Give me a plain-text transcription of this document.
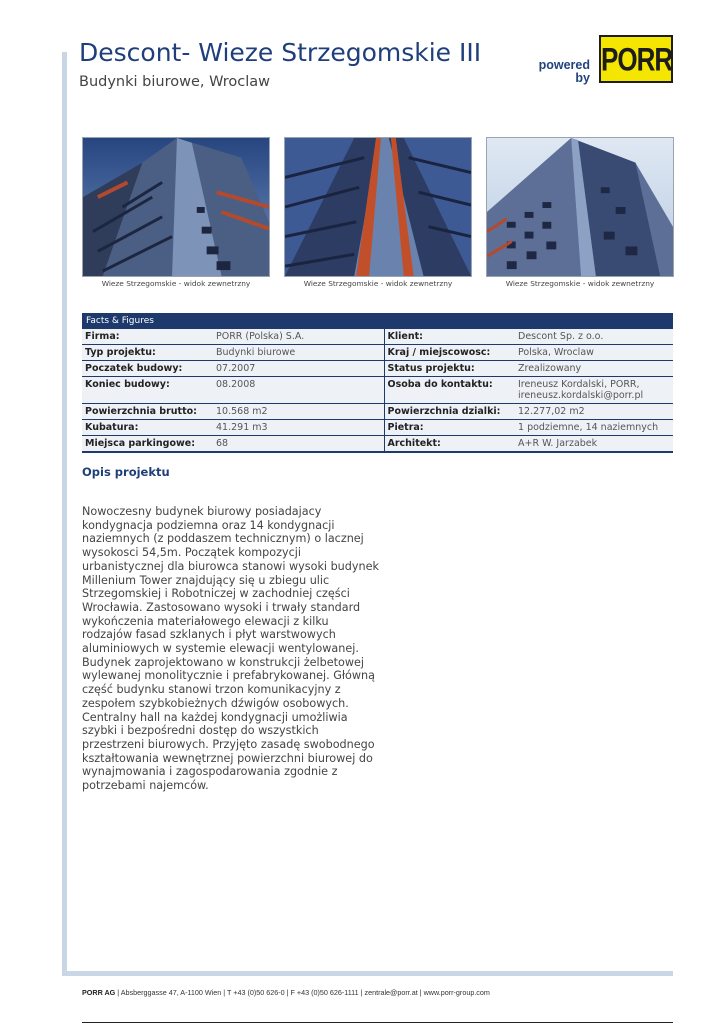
Descont- Wieze Strzegomskie III
Budynki biurowe, Wroclaw
powered
by
PORR
Wieze Strzegomskie - widok zewnetrzny	Wieze Strzegomskie - widok zewnetrzny	Wieze Strzegomskie - widok zewnetrzny
Facts & Figures
Firma:	PORR (Polska) S.A.	Klient:	Descont Sp. z o.o.
Typ projektu:	Budynki biurowe	Kraj / miejscowosc:	Polska, Wroclaw
Poczatek budowy:	07.2007	Status projektu:	Zrealizowany
Koniec budowy:	08.2008	Osoba do kontaktu:	Ireneusz Kordalski, PORR,
ireneusz.kordalski@porr.pl
Powierzchnia brutto:	10.568 m2	Powierzchnia dzialki:	12.277,02 m2
Kubatura:	41.291 m3	Pietra:	1 podziemne, 14 naziemnych
Miejsca parkingowe:	68	Architekt:	A+R W. Jarzabek
Opis projektu

Nowoczesny budynek biurowy posiadajacy
kondygnacja podziemna oraz 14 kondygnacji
naziemnych (z poddaszem technicznym) o lacznej
wysokosci 54,5m. Początek kompozycji
urbanistycznej dla biurowca stanowi wysoki budynek
Millenium Tower znajdujący się u zbiegu ulic
Strzegomskiej i Robotniczej w zachodniej części
Wrocławia. Zastosowano wysoki i trwały standard
wykończenia materiałowego elewacji z kilku
rodzajów fasad szklanych i płyt warstwowych
aluminiowych w systemie elewacji wentylowanej.
Budynek zaprojektowano w konstrukcji żelbetowej
wylewanej monolitycznie i prefabrykowanej. Główną
część budynku stanowi trzon komunikacyjny z
zespołem szybkobieżnych dźwigów osobowych.
Centralny hall na każdej kondygnacji umożliwia
szybki i bezpośredni dostęp do wszystkich
przestrzeni biurowych. Przyjęto zasadę swobodnego
kształtowania wewnętrznej powierzchni biurowej do
wynajmowania i zagospodarowania zgodnie z
potrzebami najemców.

PORR AG | Absberggasse 47, A-1100 Wien | T +43 (0)50 626-0 | F +43 (0)50 626-1111 | zentrale@porr.at | www.porr-group.com
